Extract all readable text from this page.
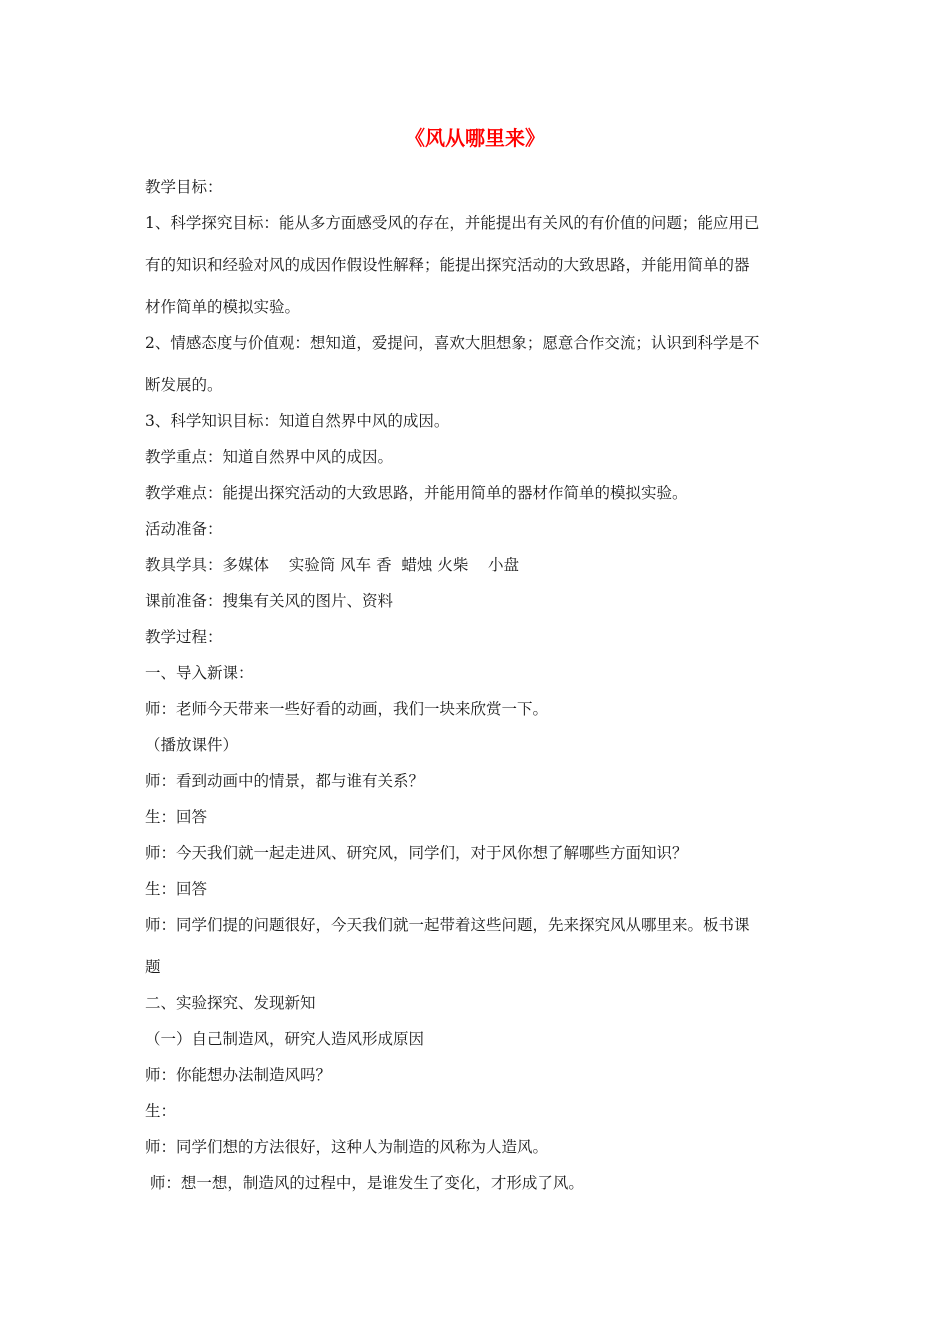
《风从哪里来》

教学目标：

1、科学探究目标：能从多方面感受风的存在，并能提出有关风的有价值的问题；能应用已

有的知识和经验对风的成因作假设性解释；能提出探究活动的大致思路，并能用简单的器

材作简单的模拟实验。

2、情感态度与价值观：想知道，爱提问，喜欢大胆想象；愿意合作交流；认识到科学是不

断发展的。

3、科学知识目标：知道自然界中风的成因。

教学重点：知道自然界中风的成因。

教学难点：能提出探究活动的大致思路，并能用简单的器材作简单的模拟实验。

活动准备：

教具学具：多媒体    实验筒 风车 香  蜡烛 火柴    小盘

课前准备：搜集有关风的图片、资料

教学过程：

一、导入新课：

师：老师今天带来一些好看的动画，我们一块来欣赏一下。

（播放课件）

师：看到动画中的情景，都与谁有关系？

生：回答

师：今天我们就一起走进风、研究风，同学们，对于风你想了解哪些方面知识？

生：回答

师：同学们提的问题很好，今天我们就一起带着这些问题，先来探究风从哪里来。板书课

题

二、实验探究、发现新知

（一）自己制造风，研究人造风形成原因

师：你能想办法制造风吗？

生：

师：同学们想的方法很好，这种人为制造的风称为人造风。

师：想一想，制造风的过程中，是谁发生了变化，才形成了风。
